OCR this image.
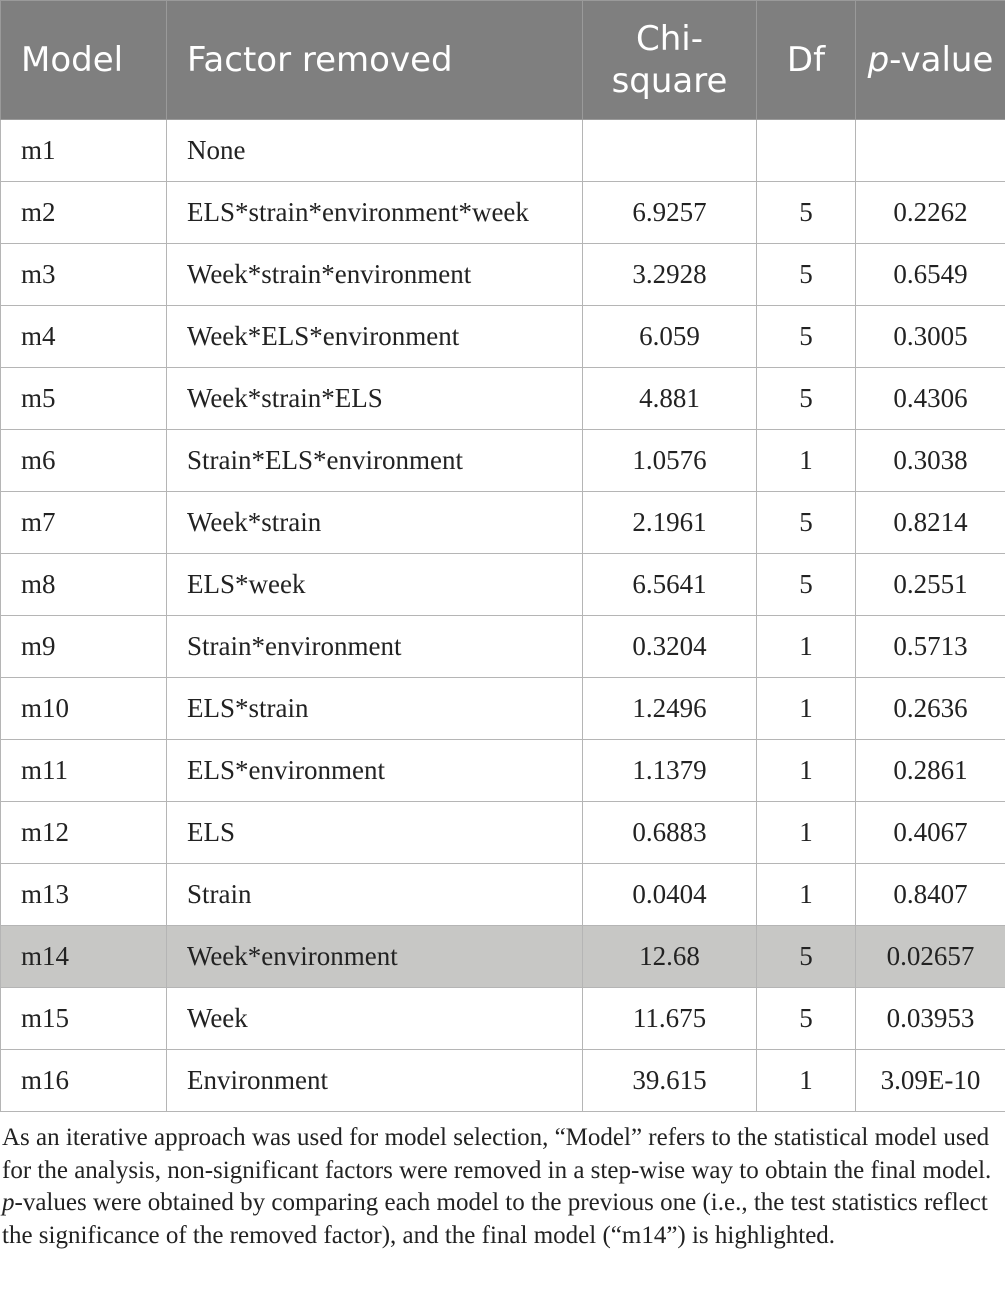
Model	Factor removed	Chi-square	Df	p-value
m1	None			
m2	ELS*strain*environment*week	6.9257	5	0.2262
m3	Week*strain*environment	3.2928	5	0.6549
m4	Week*ELS*environment	6.059	5	0.3005
m5	Week*strain*ELS	4.881	5	0.4306
m6	Strain*ELS*environment	1.0576	1	0.3038
m7	Week*strain	2.1961	5	0.8214
m8	ELS*week	6.5641	5	0.2551
m9	Strain*environment	0.3204	1	0.5713
m10	ELS*strain	1.2496	1	0.2636
m11	ELS*environment	1.1379	1	0.2861
m12	ELS	0.6883	1	0.4067
m13	Strain	0.0404	1	0.8407
m14	Week*environment	12.68	5	0.02657
m15	Week	11.675	5	0.03953
m16	Environment	39.615	1	3.09E-10
As an iterative approach was used for model selection, “Model” refers to the statistical model used for the analysis, non-significant factors were removed in a step-wise way to obtain the final model. p-values were obtained by comparing each model to the previous one (i.e., the test statistics reflect the significance of the removed factor), and the final model (“m14”) is highlighted.
